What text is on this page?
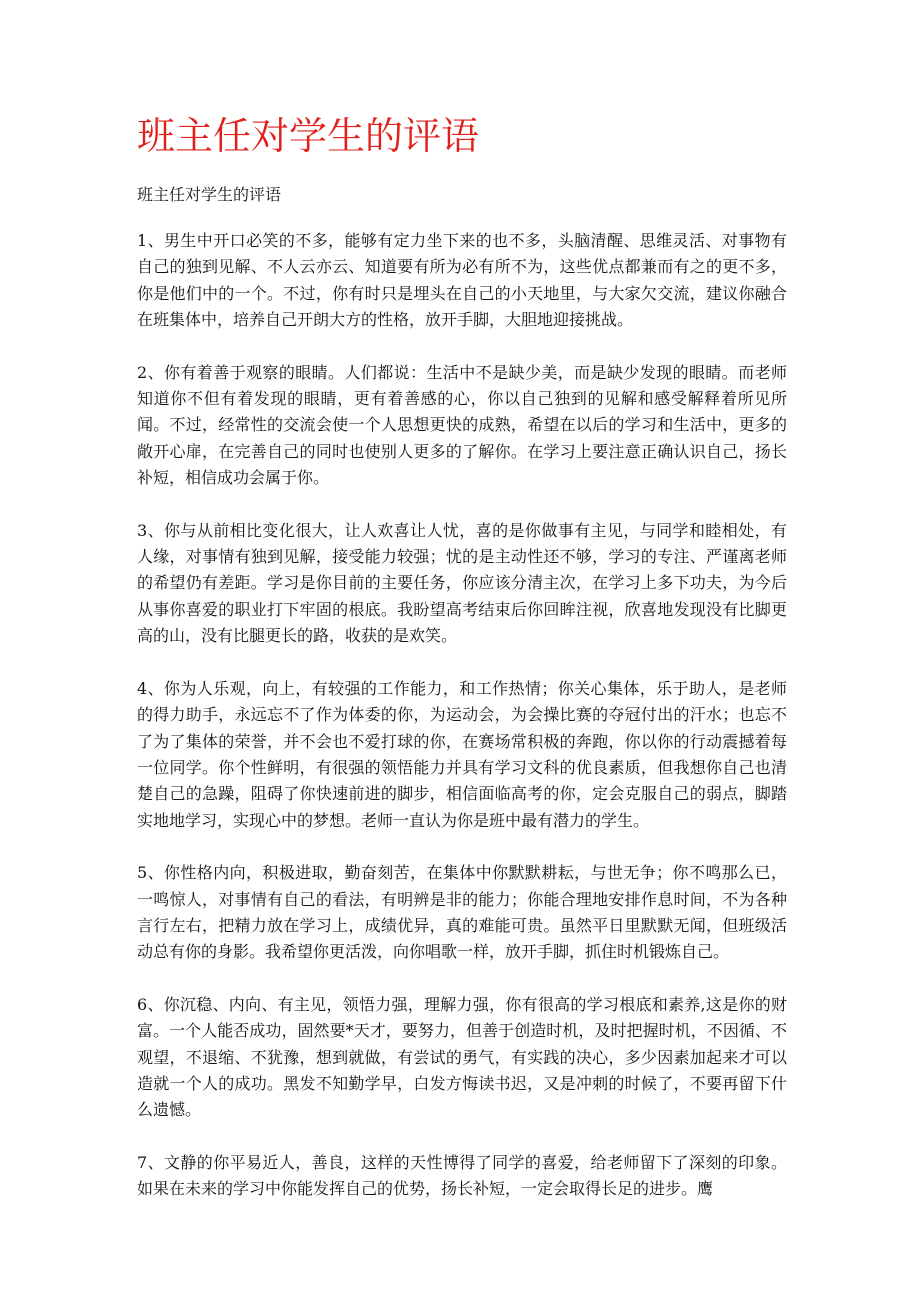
班主任对学生的评语

班主任对学生的评语

1、男生中开口必笑的不多，能够有定力坐下来的也不多，头脑清醒、思维灵活、对事物有自己的独到见解、不人云亦云、知道要有所为必有所不为，这些优点都兼而有之的更不多，你是他们中的一个。不过，你有时只是埋头在自己的小天地里，与大家欠交流，建议你融合在班集体中，培养自己开朗大方的性格，放开手脚，大胆地迎接挑战。

2、你有着善于观察的眼睛。人们都说：生活中不是缺少美，而是缺少发现的眼睛。而老师知道你不但有着发现的眼睛，更有着善感的心，你以自己独到的见解和感受解释着所见所闻。不过，经常性的交流会使一个人思想更快的成熟，希望在以后的学习和生活中，更多的敞开心扉，在完善自己的同时也使别人更多的了解你。在学习上要注意正确认识自己，扬长补短，相信成功会属于你。

3、你与从前相比变化很大，让人欢喜让人忧，喜的是你做事有主见，与同学和睦相处，有人缘，对事情有独到见解，接受能力较强；忧的是主动性还不够，学习的专注、严谨离老师的希望仍有差距。学习是你目前的主要任务，你应该分清主次，在学习上多下功夫，为今后从事你喜爱的职业打下牢固的根底。我盼望高考结束后你回眸注视，欣喜地发现没有比脚更高的山，没有比腿更长的路，收获的是欢笑。

4、你为人乐观，向上，有较强的工作能力，和工作热情；你关心集体，乐于助人，是老师的得力助手，永远忘不了作为体委的你，为运动会，为会操比赛的夺冠付出的汗水；也忘不了为了集体的荣誉，并不会也不爱打球的你，在赛场常积极的奔跑，你以你的行动震撼着每一位同学。你个性鲜明，有很强的领悟能力并具有学习文科的优良素质，但我想你自己也清楚自己的急躁，阻碍了你快速前进的脚步，相信面临高考的你，定会克服自己的弱点，脚踏实地地学习，实现心中的梦想。老师一直认为你是班中最有潜力的学生。

5、你性格内向，积极进取，勤奋刻苦，在集体中你默默耕耘，与世无争；你不鸣那么已，一鸣惊人，对事情有自己的看法，有明辨是非的能力；你能合理地安排作息时间，不为各种言行左右，把精力放在学习上，成绩优异，真的难能可贵。虽然平日里默默无闻，但班级活动总有你的身影。我希望你更活泼，向你唱歌一样，放开手脚，抓住时机锻炼自己。

6、你沉稳、内向、有主见，领悟力强，理解力强，你有很高的学习根底和素养,这是你的财富。一个人能否成功，固然要*天才，要努力，但善于创造时机，及时把握时机，不因循、不观望，不退缩、不犹豫，想到就做，有尝试的勇气，有实践的决心，多少因素加起来才可以造就一个人的成功。黑发不知勤学早，白发方悔读书迟，又是冲刺的时候了，不要再留下什么遗憾。

7、文静的你平易近人，善良，这样的天性博得了同学的喜爱，给老师留下了深刻的印象。如果在未来的学习中你能发挥自己的优势，扬长补短，一定会取得长足的进步。鹰
